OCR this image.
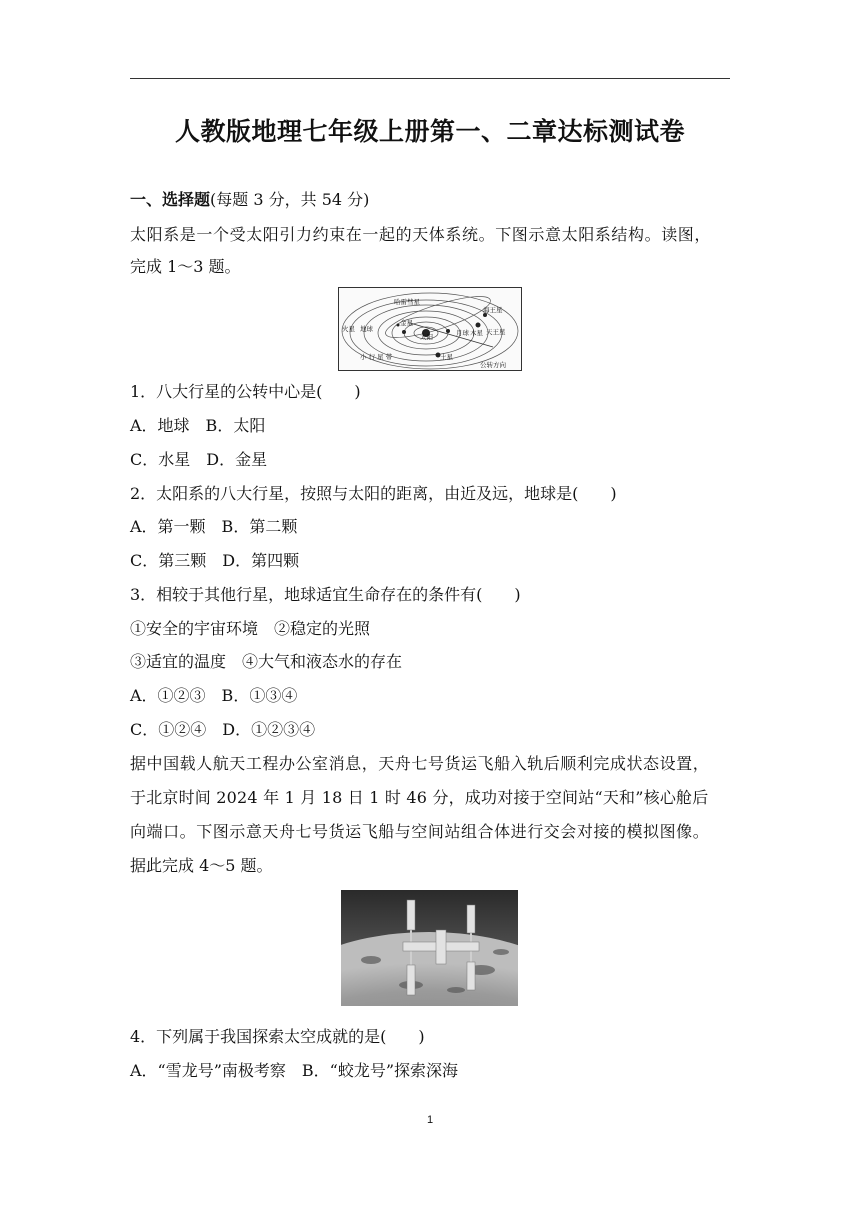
人教版地理七年级上册第一、二章达标测试卷
一、选择题(每题 3 分，共 54 分)
太阳系是一个受太阳引力约束在一起的天体系统。下图示意太阳系结构。读图，
完成 1～3 题。
哈雷彗星
海王星
天王星
火星 地球
金星
太阳	月球
土星
木星
小 行 星 带
公转方向
1．八大行星的公转中心是(　　)
A．地球　B．太阳
C．水星　D．金星
2．太阳系的八大行星，按照与太阳的距离，由近及远，地球是(　　)
A．第一颗　B．第二颗
C．第三颗　D．第四颗
3．相较于其他行星，地球适宜生命存在的条件有(　　)
①安全的宇宙环境　②稳定的光照
③适宜的温度　④大气和液态水的存在
A．①②③　B．①③④
C．①②④　D．①②③④
据中国载人航天工程办公室消息，天舟七号货运飞船入轨后顺利完成状态设置，
于北京时间 2024 年 1 月 18 日 1 时 46 分，成功对接于空间站“天和”核心舱后
向端口。下图示意天舟七号货运飞船与空间站组合体进行交会对接的模拟图像。
据此完成 4～5 题。
4．下列属于我国探索太空成就的是(　　)
A．“雪龙号”南极考察　B．“蛟龙号”探索深海
1
